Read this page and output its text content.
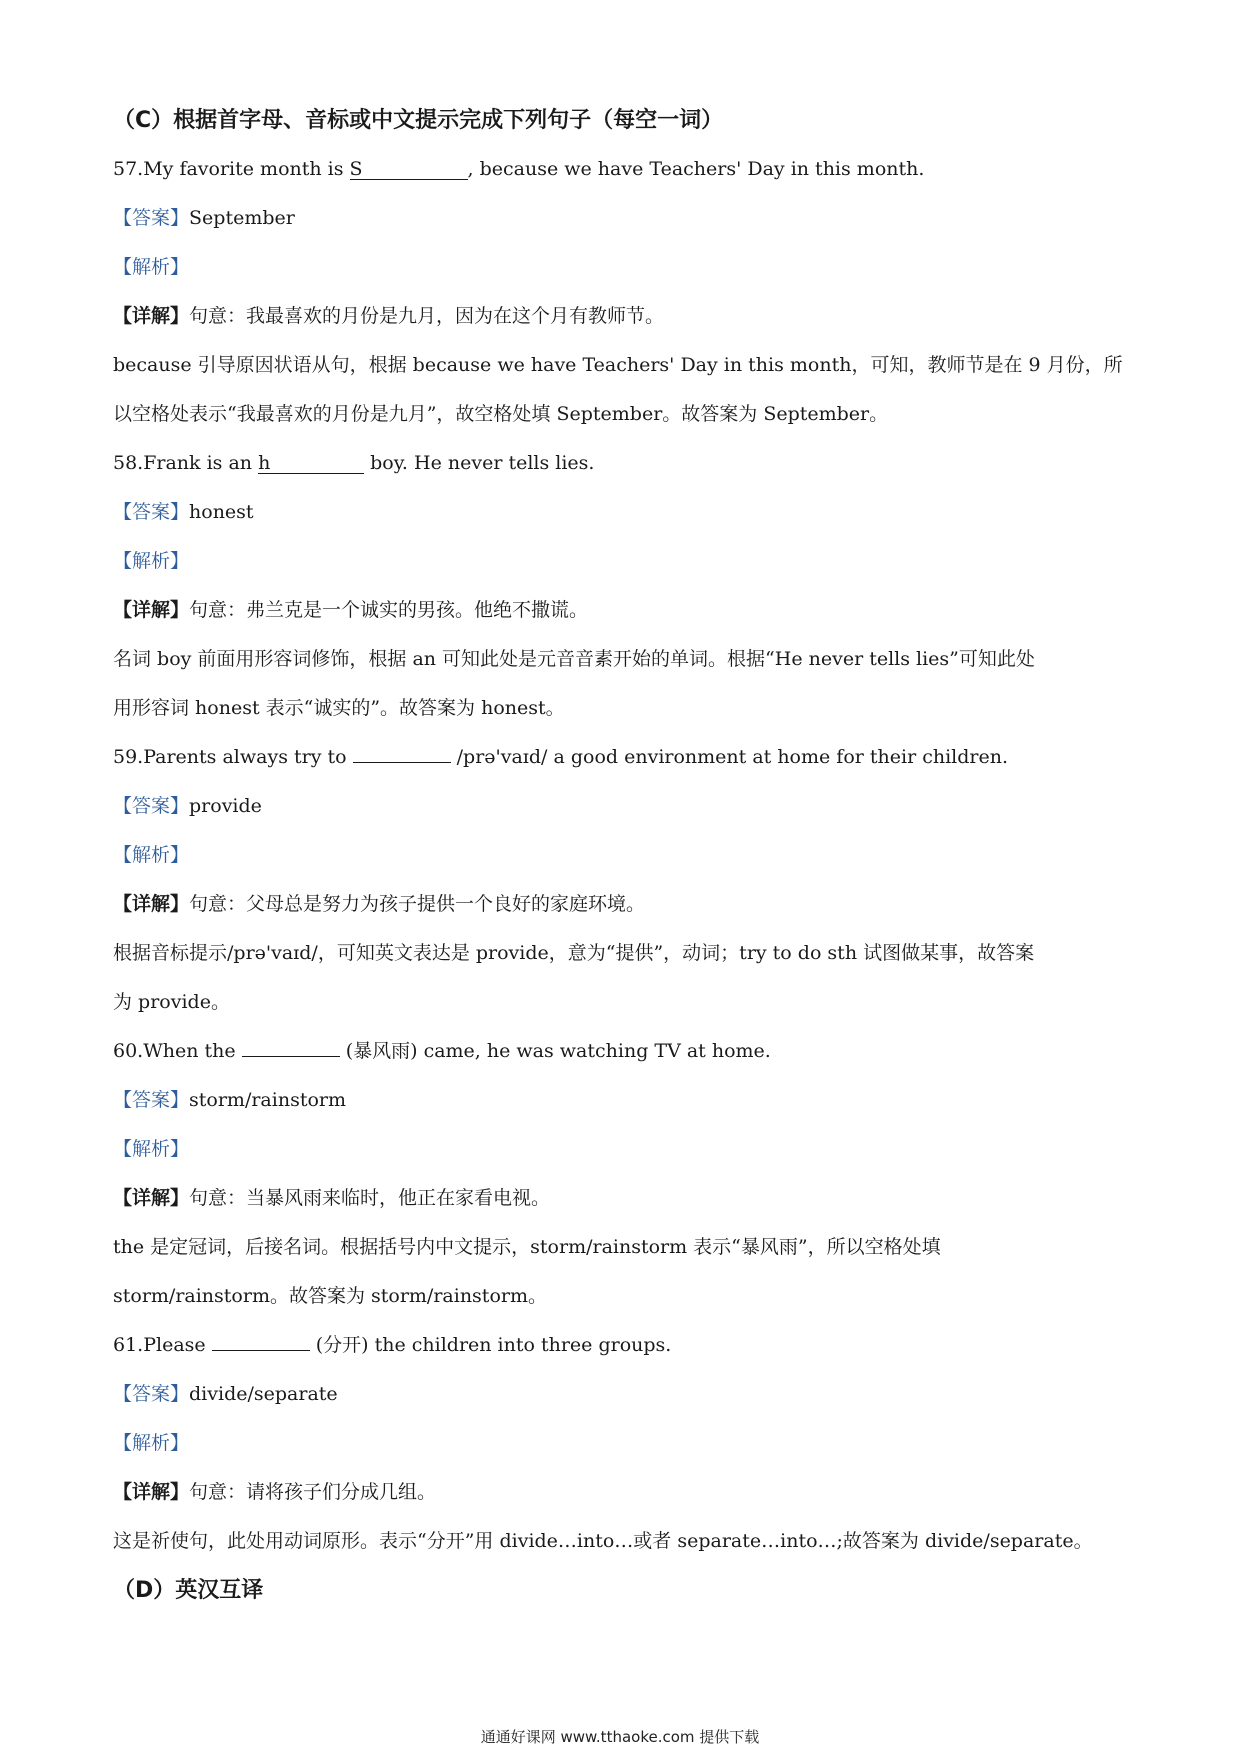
（C）根据首字母、音标或中文提示完成下列句子（每空一词）
57.My favorite month is S	, because we have Teachers' Day in this month.
【答案】September
【解析】
【详解】句意：我最喜欢的月份是九月，因为在这个月有教师节。
because 引导原因状语从句，根据 because we have Teachers' Day in this month，可知，教师节是在 9 月份，所
以空格处表示“我最喜欢的月份是九月”，故空格处填 September。故答案为 September。
58.Frank is an h	boy. He never tells lies.
【答案】honest
【解析】
【详解】句意：弗兰克是一个诚实的男孩。他绝不撒谎。
名词 boy 前面用形容词修饰，根据 an 可知此处是元音音素开始的单词。根据“He never tells lies”可知此处
用形容词 honest 表示“诚实的”。故答案为 honest。
59.Parents always try to	/prə'vaɪd/ a good environment at home for their children.
【答案】provide
【解析】
【详解】句意：父母总是努力为孩子提供一个良好的家庭环境。
根据音标提示/prə'vaɪd/，可知英文表达是 provide，意为“提供”，动词；try to do sth 试图做某事，故答案
为 provide。
60.When the	(暴风雨) came, he was watching TV at home.
【答案】storm/rainstorm
【解析】
【详解】句意：当暴风雨来临时，他正在家看电视。
the 是定冠词，后接名词。根据括号内中文提示，storm/rainstorm 表示“暴风雨”，所以空格处填
storm/rainstorm。故答案为 storm/rainstorm。
61.Please	(分开) the children into three groups.
【答案】divide/separate
【解析】
【详解】句意：请将孩子们分成几组。
这是祈使句，此处用动词原形。表示“分开”用 divide…into…或者 separate…into…;故答案为 divide/separate。
（D）英汉互译
通通好课网 www.tthaoke.com 提供下载
